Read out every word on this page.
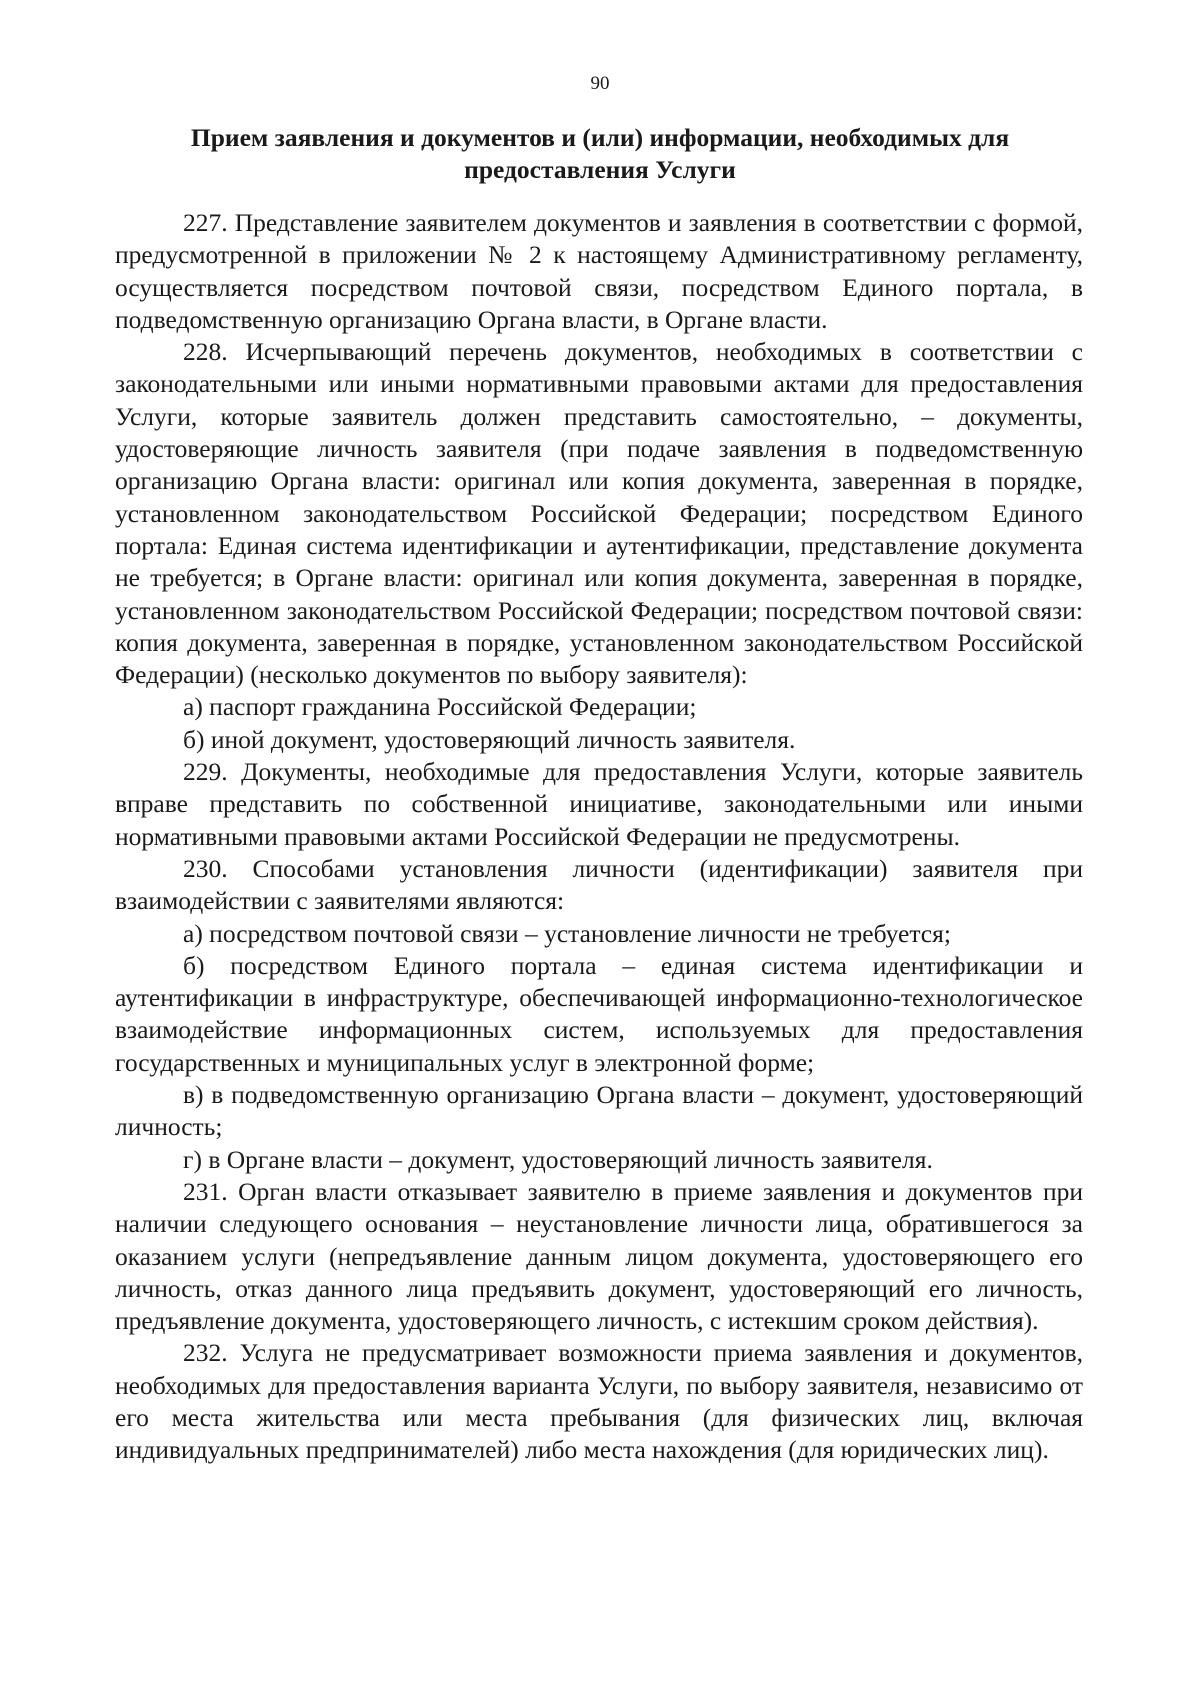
90
Прием заявления и документов и (или) информации, необходимых для
предоставления Услуги

227. Представление заявителем документов и заявления в соответствии с формой, предусмотренной в приложении № 2 к настоящему Административному регламенту, осуществляется посредством почтовой связи, посредством Единого портала, в подведомственную организацию Органа власти, в Органе власти.

228. Исчерпывающий перечень документов, необходимых в соответствии с законодательными или иными нормативными правовыми актами для предоставления Услуги, которые заявитель должен представить самостоятельно, – документы, удостоверяющие личность заявителя (при подаче заявления в подведомственную организацию Органа власти: оригинал или копия документа, заверенная в порядке, установленном законодательством Российской Федерации; посредством Единого портала: Единая система идентификации и аутентификации, представление документа не требуется; в Органе власти: оригинал или копия документа, заверенная в порядке, установленном законодательством Российской Федерации; посредством почтовой связи: копия документа, заверенная в порядке, установленном законодательством Российской Федерации) (несколько документов по выбору заявителя):

а) паспорт гражданина Российской Федерации;

б) иной документ, удостоверяющий личность заявителя.

229. Документы, необходимые для предоставления Услуги, которые заявитель вправе представить по собственной инициативе, законодательными или иными нормативными правовыми актами Российской Федерации не предусмотрены.

230. Способами установления личности (идентификации) заявителя при взаимодействии с заявителями являются:

а) посредством почтовой связи – установление личности не требуется;

б) посредством Единого портала – единая система идентификации и аутентификации в инфраструктуре, обеспечивающей информационно-технологическое взаимодействие информационных систем, используемых для предоставления государственных и муниципальных услуг в электронной форме;

в) в подведомственную организацию Органа власти – документ, удостоверяющий личность;

г) в Органе власти – документ, удостоверяющий личность заявителя.

231. Орган власти отказывает заявителю в приеме заявления и документов при наличии следующего основания – неустановление личности лица, обратившегося за оказанием услуги (непредъявление данным лицом документа, удостоверяющего его личность, отказ данного лица предъявить документ, удостоверяющий его личность, предъявление документа, удостоверяющего личность, с истекшим сроком действия).

232. Услуга не предусматривает возможности приема заявления и документов, необходимых для предоставления варианта Услуги, по выбору заявителя, независимо от его места жительства или места пребывания (для физических лиц, включая индивидуальных предпринимателей) либо места нахождения (для юридических лиц).
